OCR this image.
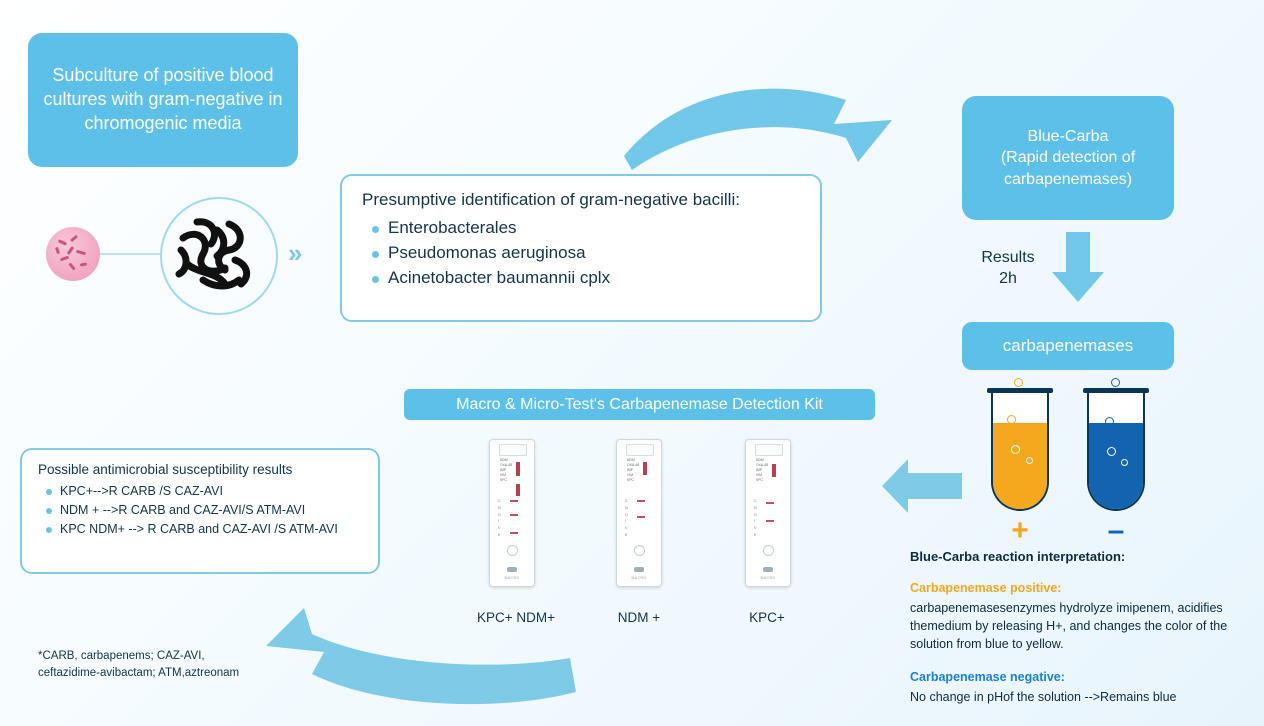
Subculture of positive blood cultures with gram-negative in chromogenic media
»
Presumptive identification of gram-negative bacilli:
Enterobacterales
Pseudomonas aeruginosa
Acinetobacter baumannii cplx
Blue-Carba
(Rapid detection of
carbapenemases)
Results
2h
carbapenemases
+	–
Blue-Carba reaction interpretation:
Carbapenemase positive:

carbapenemasesenzymes hydrolyze imipenem, acidifies themedium by releasing H+, and changes the color of the solution from blue to yellow.

Carbapenemase negative:

No change in pHof the solution -->Remains blue

Macro & Micro-Test's Carbapenemase Detection Kit
NDM
OXA-48
IMP
VIM
KPC
C
N
O
I
V
K
MACRO
KPC+ NDM+
NDM
OXA-48
IMP
VIM
KPC
C
N
O
I
V
K
MACRO
NDM +
NDM
OXA-48
IMP
VIM
KPC
C
N
O
I
V
K
MACRO
KPC+
Possible antimicrobial susceptibility results
KPC+-->R CARB /S CAZ-AVI
NDM + -->R CARB and CAZ-AVI/S ATM-AVI
KPC NDM+ --> R CARB and CAZ-AVI /S ATM-AVI
*CARB, carbapenems; CAZ-AVI,
ceftazidime-avibactam; ATM,aztreonam
